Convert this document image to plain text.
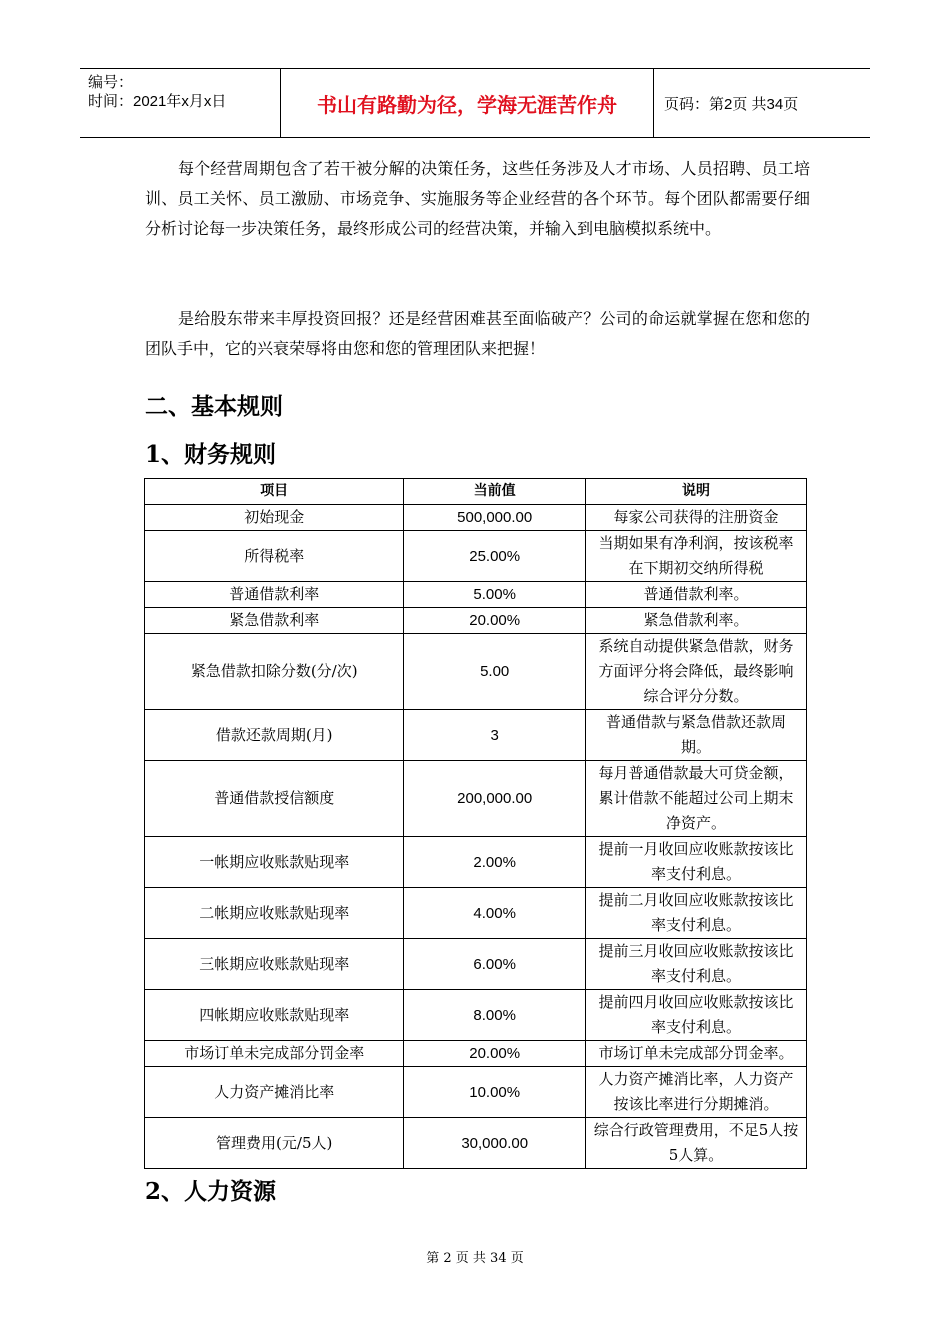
编号：
时间：2021年x月x日	书山有路勤为径，学海无涯苦作舟	页码：第2页 共34页

每个经营周期包含了若干被分解的决策任务，这些任务涉及人才市场、人员招聘、员工培训、员工关怀、员工激励、市场竞争、实施服务等企业经营的各个环节。每个团队都需要仔细分析讨论每一步决策任务，最终形成公司的经营决策，并输入到电脑模拟系统中。

是给股东带来丰厚投资回报？还是经营困难甚至面临破产？公司的命运就掌握在您和您的团队手中，它的兴衰荣辱将由您和您的管理团队来把握！

二、基本规则
1、财务规则
项目	当前值	说明
初始现金	500,000.00	每家公司获得的注册资金
所得税率	25.00%	当期如果有净利润，按该税率在下期初交纳所得税
普通借款利率	5.00%	普通借款利率。
紧急借款利率	20.00%	紧急借款利率。
紧急借款扣除分数(分/次)	5.00	系统自动提供紧急借款，财务方面评分将会降低，最终影响综合评分分数。
借款还款周期(月)	3	普通借款与紧急借款还款周期。
普通借款授信额度	200,000.00	每月普通借款最大可贷金额，累计借款不能超过公司上期末净资产。
一帐期应收账款贴现率	2.00%	提前一月收回应收账款按该比率支付利息。
二帐期应收账款贴现率	4.00%	提前二月收回应收账款按该比率支付利息。
三帐期应收账款贴现率	6.00%	提前三月收回应收账款按该比率支付利息。
四帐期应收账款贴现率	8.00%	提前四月收回应收账款按该比率支付利息。
市场订单未完成部分罚金率	20.00%	市场订单未完成部分罚金率。
人力资产摊消比率	10.00%	人力资产摊消比率，人力资产按该比率进行分期摊消。
管理费用(元/5人)	30,000.00	综合行政管理费用，不足5人按5人算。
2、人力资源
第 2 页 共 34 页
